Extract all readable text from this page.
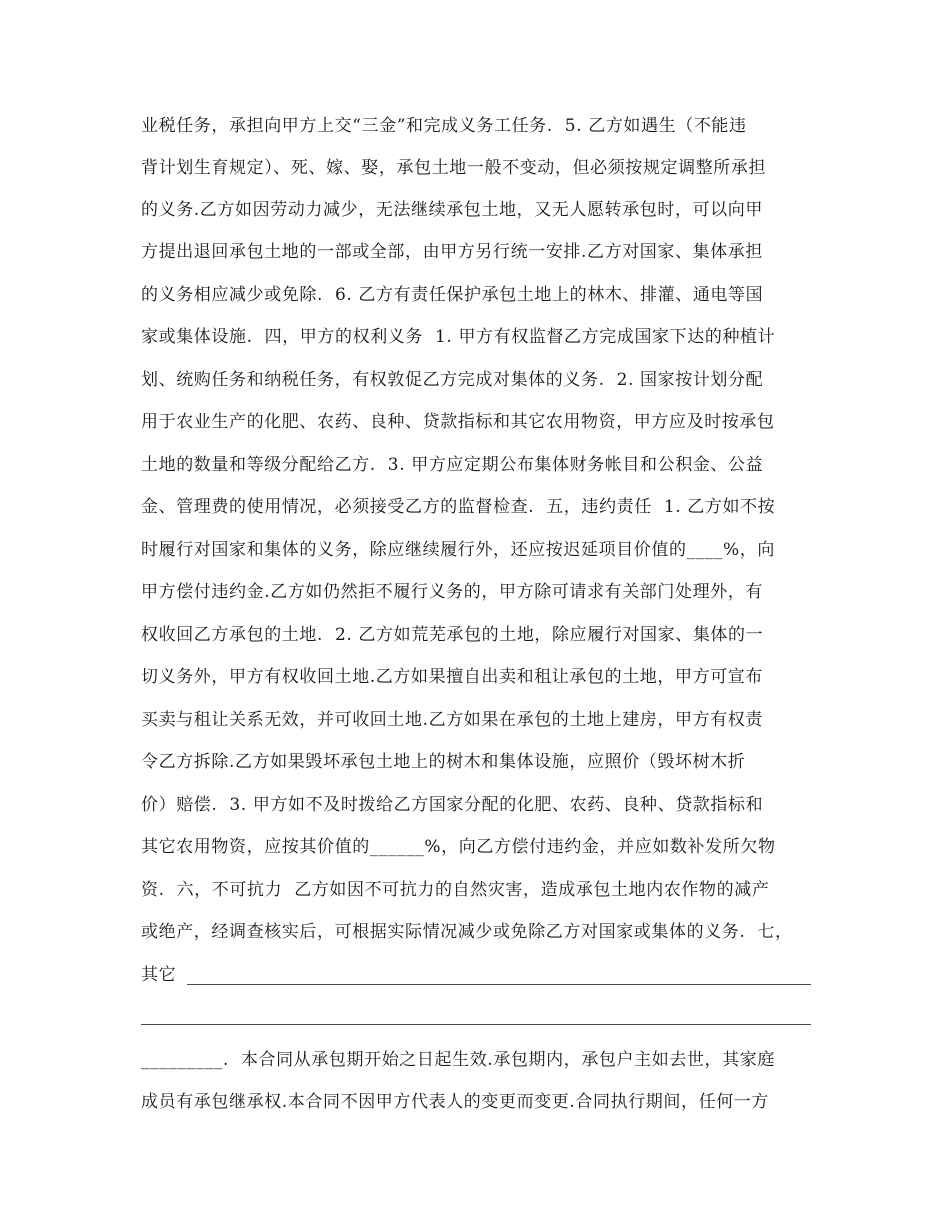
业税任务，承担向甲方上交“三金”和完成义务工任务.  5. 乙方如遇生（不能违
背计划生育规定）、死、嫁、娶，承包土地一般不变动，但必须按规定调整所承担
的义务.乙方如因劳动力减少，无法继续承包土地，又无人愿转承包时，可以向甲
方提出退回承包土地的一部或全部，由甲方另行统一安排.乙方对国家、集体承担
的义务相应减少或免除.  6. 乙方有责任保护承包土地上的林木、排灌、通电等国
家或集体设施.  四，甲方的权利义务  1. 甲方有权监督乙方完成国家下达的种植计
划、统购任务和纳税任务，有权敦促乙方完成对集体的义务.  2. 国家按计划分配
用于农业生产的化肥、农药、良种、贷款指标和其它农用物资，甲方应及时按承包
土地的数量和等级分配给乙方.  3. 甲方应定期公布集体财务帐目和公积金、公益
金、管理费的使用情况，必须接受乙方的监督检查.  五，违约责任  1. 乙方如不按
时履行对国家和集体的义务，除应继续履行外，还应按迟延项目价值的____%，向
甲方偿付违约金.乙方如仍然拒不履行义务的，甲方除可请求有关部门处理外，有
权收回乙方承包的土地.  2. 乙方如荒芜承包的土地，除应履行对国家、集体的一
切义务外，甲方有权收回土地.乙方如果擅自出卖和租让承包的土地，甲方可宣布
买卖与租让关系无效，并可收回土地.乙方如果在承包的土地上建房，甲方有权责
令乙方拆除.乙方如果毁坏承包土地上的树木和集体设施，应照价（毁坏树木折
价）赔偿.  3. 甲方如不及时拨给乙方国家分配的化肥、农药、良种、贷款指标和
其它农用物资，应按其价值的______%，向乙方偿付违约金，并应如数补发所欠物
资.  六，不可抗力  乙方如因不可抗力的自然灾害，造成承包土地内农作物的减产
或绝产，经调查核实后，可根据实际情况减少或免除乙方对国家或集体的义务.  七，
其它
_________.  本合同从承包期开始之日起生效.承包期内，承包户主如去世，其家庭
成员有承包继承权.本合同不因甲方代表人的变更而变更.合同执行期间，任何一方
